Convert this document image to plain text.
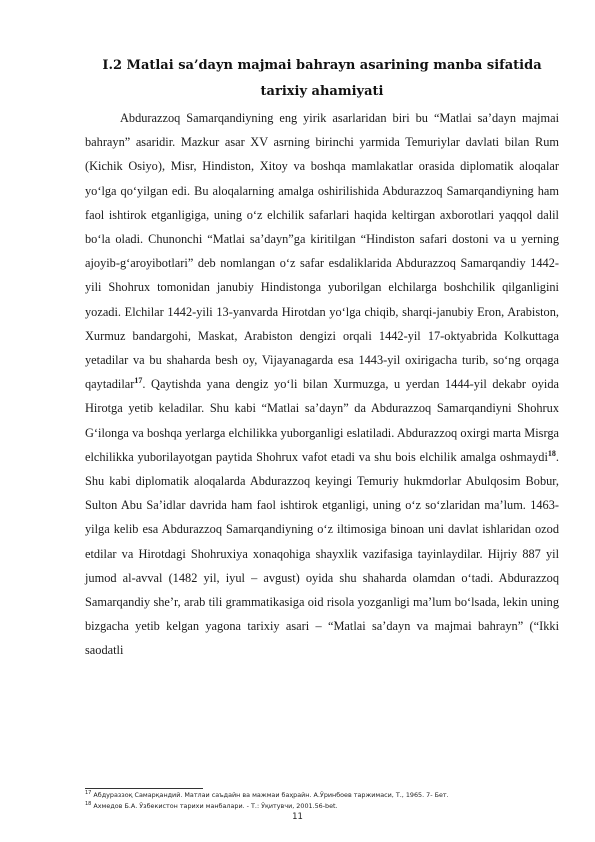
I.2 Matlai sa’dayn majmai bahrayn asarining manba sifatida tarixiy ahamiyati

Abdurazzoq Samarqandiyning eng yirik asarlaridan biri bu “Matlai sa’dayn majmai bahrayn” asaridir. Mazkur asar XV asrning birinchi yarmida Temuriylar davlati bilan Rum (Kichik Osiyo), Misr, Hindiston, Xitoy va boshqa mamlakatlar orasida diplomatik aloqalar yo‘lga qo‘yilgan edi. Bu aloqalarning amalga oshirilishida Abdurazzoq Samarqandiyning ham faol ishtirok etganligiga, uning o‘z elchilik safarlari haqida keltirgan axborotlari yaqqol dalil bo‘la oladi. Chunonchi “Matlai sa’dayn”ga kiritilgan “Hindiston safari dostoni va u yerning ajoyib-g‘aroyibotlari” deb nomlangan o‘z safar esdaliklarida Abdurazzoq Samarqandiy 1442-yili Shohrux tomonidan janubiy Hindistonga yuborilgan elchilarga boshchilik qilganligini yozadi. Elchilar 1442-yili 13-yanvarda Hirotdan yo‘lga chiqib, sharqi-janubiy Eron, Arabiston, Xurmuz bandargohi, Maskat, Arabiston dengizi orqali 1442-yil 17-oktyabrida Kolkuttaga yetadilar va bu shaharda besh oy, Vijayanagarda esa 1443-yil oxirigacha turib, so‘ng orqaga qaytadilar$^{17}$. Qaytishda yana dengiz yo‘li bilan Xurmuzga, u yerdan 1444-yil dekabr oyida Hirotga yetib keladilar. Shu kabi “Matlai sa’dayn” da Abdurazzoq Samarqandiyni Shohrux G‘ilonga va boshqa yerlarga elchilikka yuborganligi eslatiladi. Abdurazzoq oxirgi marta Misrga elchilikka yuborilayotgan paytida Shohrux vafot etadi va shu bois elchilik amalga oshmaydi$^{18}$. Shu kabi diplomatik aloqalarda Abdurazzoq keyingi Temuriy hukmdorlar Abulqosim Bobur, Sulton Abu Sa’idlar davrida ham faol ishtirok etganligi, uning o‘z so‘zlaridan ma’lum. 1463-yilga kelib esa Abdurazzoq Samarqandiyning o‘z iltimosiga binoan uni davlat ishlaridan ozod etdilar va Hirotdagi Shohruxiya xonaqohiga shayxlik vazifasiga tayinlaydilar. Hijriy 887 yil jumod al-avval (1482 yil, iyul – avgust) oyida shu shaharda olamdan o‘tadi. Abdurazzoq Samarqandiy she’r, arab tili grammatikasiga oid risola yozganligi ma’lum bo‘lsada, lekin uning bizgacha yetib kelgan yagona tarixiy asari – “Matlai sa’dayn va majmai bahrayn” (“Ikki saodatli

$^{17}$ Абдураззоқ Самарқандий. Матлаи саъдайн ва мажмаи баҳрайн. А.Ўринбоев таржимаси, Т., 1965. 7- Бет.

$^{18}$ Ахмедов Б.А. Ўзбекистон тарихи манбалари. - Т.: Ўқитувчи, 2001.56-bet.

11
